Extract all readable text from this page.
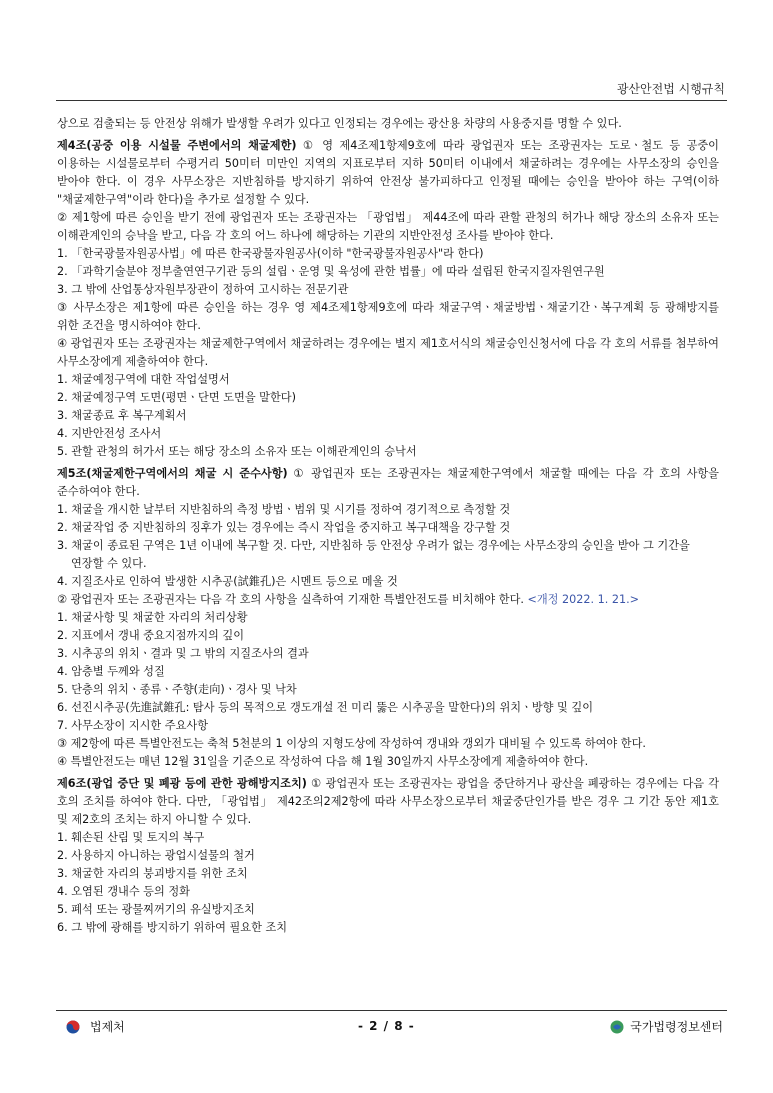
광산안전법 시행규칙

상으로 검출되는 등 안전상 위해가 발생할 우려가 있다고 인정되는 경우에는 광산용 차량의 사용중지를 명할 수 있다.

제4조(공중 이용 시설물 주변에서의 채굴제한) ① 영 제4조제1항제9호에 따라 광업권자 또는 조광권자는 도로ㆍ철도 등 공중이 이용하는 시설물로부터 수평거리 50미터 미만인 지역의 지표로부터 지하 50미터 이내에서 채굴하려는 경우에는 사무소장의 승인을 받아야 한다. 이 경우 사무소장은 지반침하를 방지하기 위하여 안전상 불가피하다고 인정될 때에는 승인을 받아야 하는 구역(이하 "채굴제한구역"이라 한다)을 추가로 설정할 수 있다.

② 제1항에 따른 승인을 받기 전에 광업권자 또는 조광권자는 「광업법」 제44조에 따라 관할 관청의 허가나 해당 장소의 소유자 또는 이해관계인의 승낙을 받고, 다음 각 호의 어느 하나에 해당하는 기관의 지반안전성 조사를 받아야 한다.

1. 「한국광물자원공사법」에 따른 한국광물자원공사(이하 "한국광물자원공사"라 한다)

2. 「과학기술분야 정부출연연구기관 등의 설립ㆍ운영 및 육성에 관한 법률」에 따라 설립된 한국지질자원연구원

3. 그 밖에 산업통상자원부장관이 정하여 고시하는 전문기관

③ 사무소장은 제1항에 따른 승인을 하는 경우 영 제4조제1항제9호에 따라 채굴구역ㆍ채굴방법ㆍ채굴기간ㆍ복구계획 등 광해방지를 위한 조건을 명시하여야 한다.

④ 광업권자 또는 조광권자는 채굴제한구역에서 채굴하려는 경우에는 별지 제1호서식의 채굴승인신청서에 다음 각 호의 서류를 첨부하여 사무소장에게 제출하여야 한다.

1. 채굴예정구역에 대한 작업설명서

2. 채굴예정구역 도면(평면ㆍ단면 도면을 말한다)

3. 채굴종료 후 복구계획서

4. 지반안전성 조사서

5. 관할 관청의 허가서 또는 해당 장소의 소유자 또는 이해관계인의 승낙서

제5조(채굴제한구역에서의 채굴 시 준수사항) ① 광업권자 또는 조광권자는 채굴제한구역에서 채굴할 때에는 다음 각 호의 사항을 준수하여야 한다.

1. 채굴을 개시한 날부터 지반침하의 측정 방법ㆍ범위 및 시기를 정하여 경기적으로 측정할 것

2. 채굴작업 중 지반침하의 징후가 있는 경우에는 즉시 작업을 중지하고 복구대책을 강구할 것

3. 채굴이 종료된 구역은 1년 이내에 복구할 것. 다만, 지반침하 등 안전상 우려가 없는 경우에는 사무소장의 승인을 받아 그 기간을 연장할 수 있다.

4. 지질조사로 인하여 발생한 시추공(試錐孔)은 시멘트 등으로 메울 것

② 광업권자 또는 조광권자는 다음 각 호의 사항을 실측하여 기재한 특별안전도를 비치해야 한다. <개정 2022. 1. 21.>

1. 채굴사항 및 채굴한 자리의 처리상황

2. 지표에서 갱내 중요지점까지의 깊이

3. 시추공의 위치ㆍ결과 및 그 밖의 지질조사의 결과

4. 암층별 두께와 성질

5. 단층의 위치ㆍ종류ㆍ주향(走向)ㆍ경사 및 낙차

6. 선진시추공(先進試錐孔: 탐사 등의 목적으로 갱도개설 전 미리 뚫은 시추공을 말한다)의 위치ㆍ방향 및 깊이

7. 사무소장이 지시한 주요사항

③ 제2항에 따른 특별안전도는 축척 5천분의 1 이상의 지형도상에 작성하여 갱내와 갱외가 대비될 수 있도록 하여야 한다.

④ 특별안전도는 매년 12월 31일을 기준으로 작성하여 다음 해 1월 30일까지 사무소장에게 제출하여야 한다.

제6조(광업 중단 및 폐광 등에 관한 광해방지조치) ① 광업권자 또는 조광권자는 광업을 중단하거나 광산을 폐광하는 경우에는 다음 각 호의 조치를 하여야 한다. 다만, 「광업법」 제42조의2제2항에 따라 사무소장으로부터 채굴중단인가를 받은 경우 그 기간 동안 제1호 및 제2호의 조치는 하지 아니할 수 있다.

1. 훼손된 산림 및 토지의 복구

2. 사용하지 아니하는 광업시설물의 철거

3. 채굴한 자리의 붕괴방지를 위한 조치

4. 오염된 갱내수 등의 정화

5. 폐석 또는 광물찌꺼기의 유실방지조치

6. 그 밖에 광해를 방지하기 위하여 필요한 조치

법제처	- 2 / 8 -	국가법령정보센터
